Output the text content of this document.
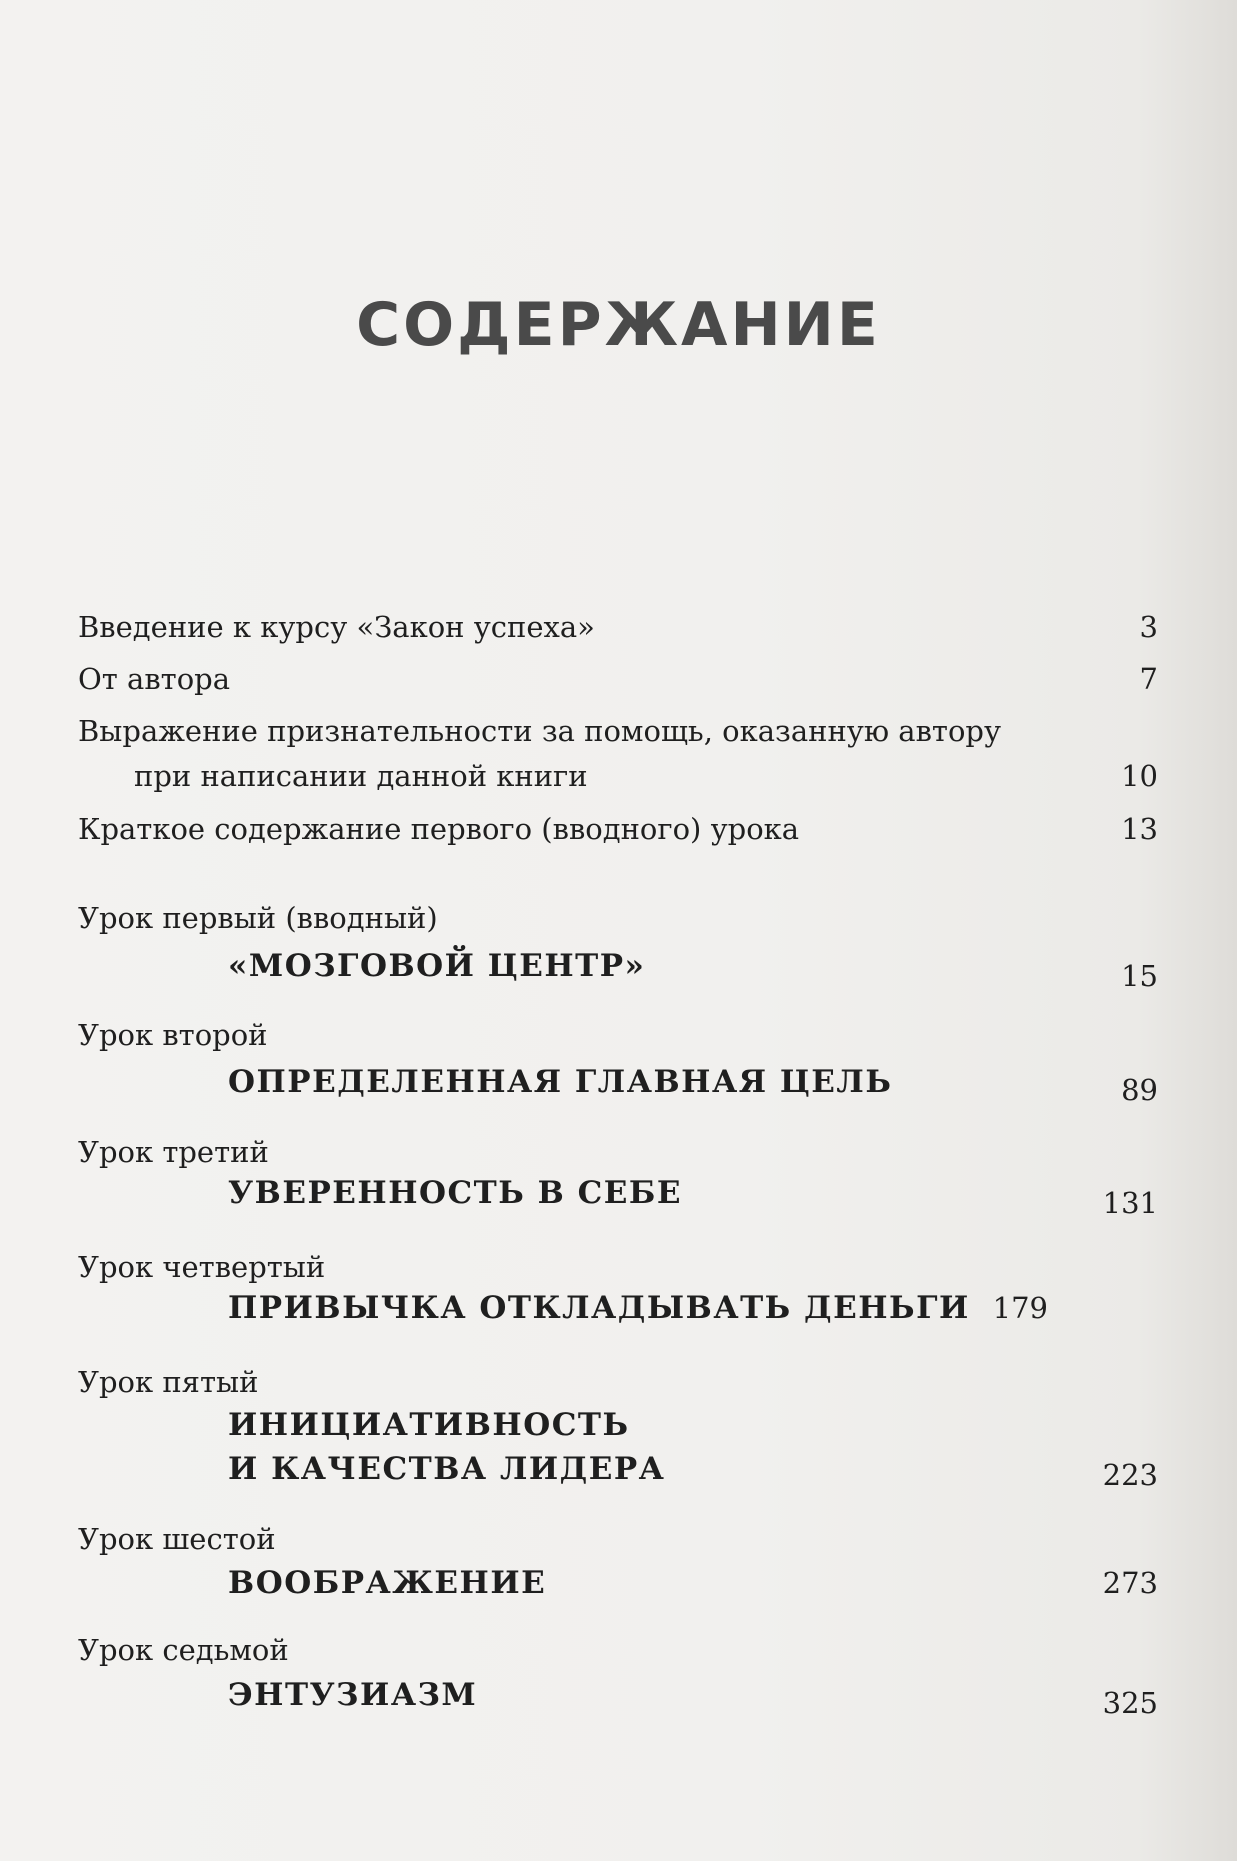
СОДЕРЖАНИЕ
Введение к курсу «Закон успеха»	3
От автора	7
Выражение признательности за помощь, оказанную автору
при написании данной книги	10
Краткое содержание первого (вводного) урока	13
Урок первый (вводный)
«МОЗГОВОЙ ЦЕНТР»	15
Урок второй
ОПРЕДЕЛЕННАЯ ГЛАВНАЯ ЦЕЛЬ	89
Урок третий
УВЕРЕННОСТЬ В СЕБЕ	131
Урок четвертый
ПРИВЫЧКА ОТКЛАДЫВАТЬ ДЕНЬГИ 179
Урок пятый
ИНИЦИАТИВНОСТЬ
И КАЧЕСТВА ЛИДЕРА	223
Урок шестой
ВООБРАЖЕНИЕ	273
Урок седьмой
ЭНТУЗИАЗМ	325
